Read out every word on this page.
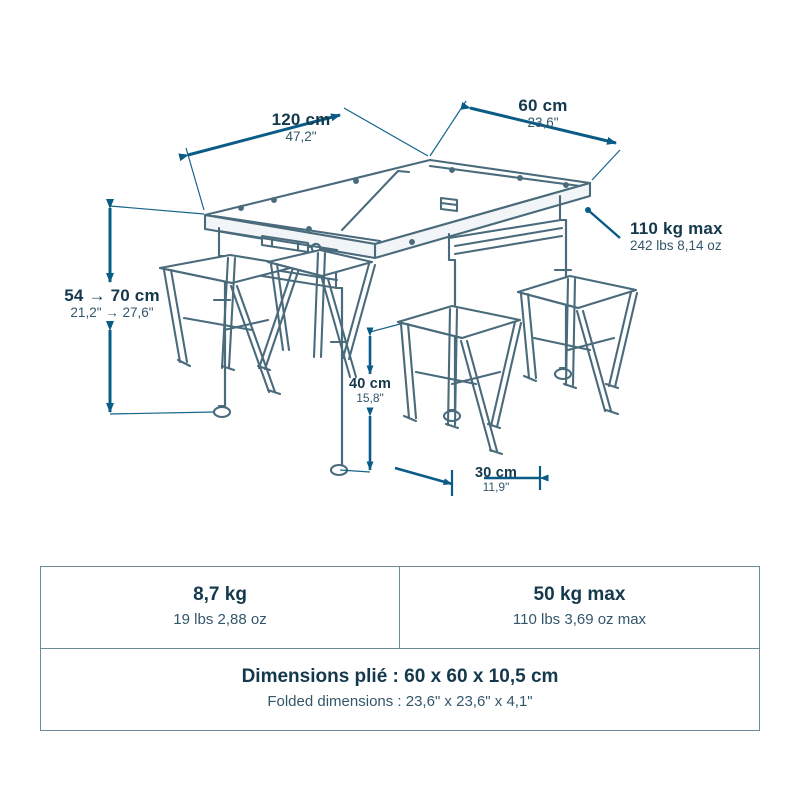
120 cm
47,2"
60 cm
23,6"
54 → 70 cm
21,2" → 27,6"
40 cm
15,8"
30 cm
11,9"
110 kg max
242 lbs 8,14 oz
8,7 kg
19 lbs 2,88 oz
50 kg max
110 lbs 3,69 oz max
Dimensions plié : 60 x 60 x 10,5 cm
Folded dimensions : 23,6" x 23,6" x 4,1"
